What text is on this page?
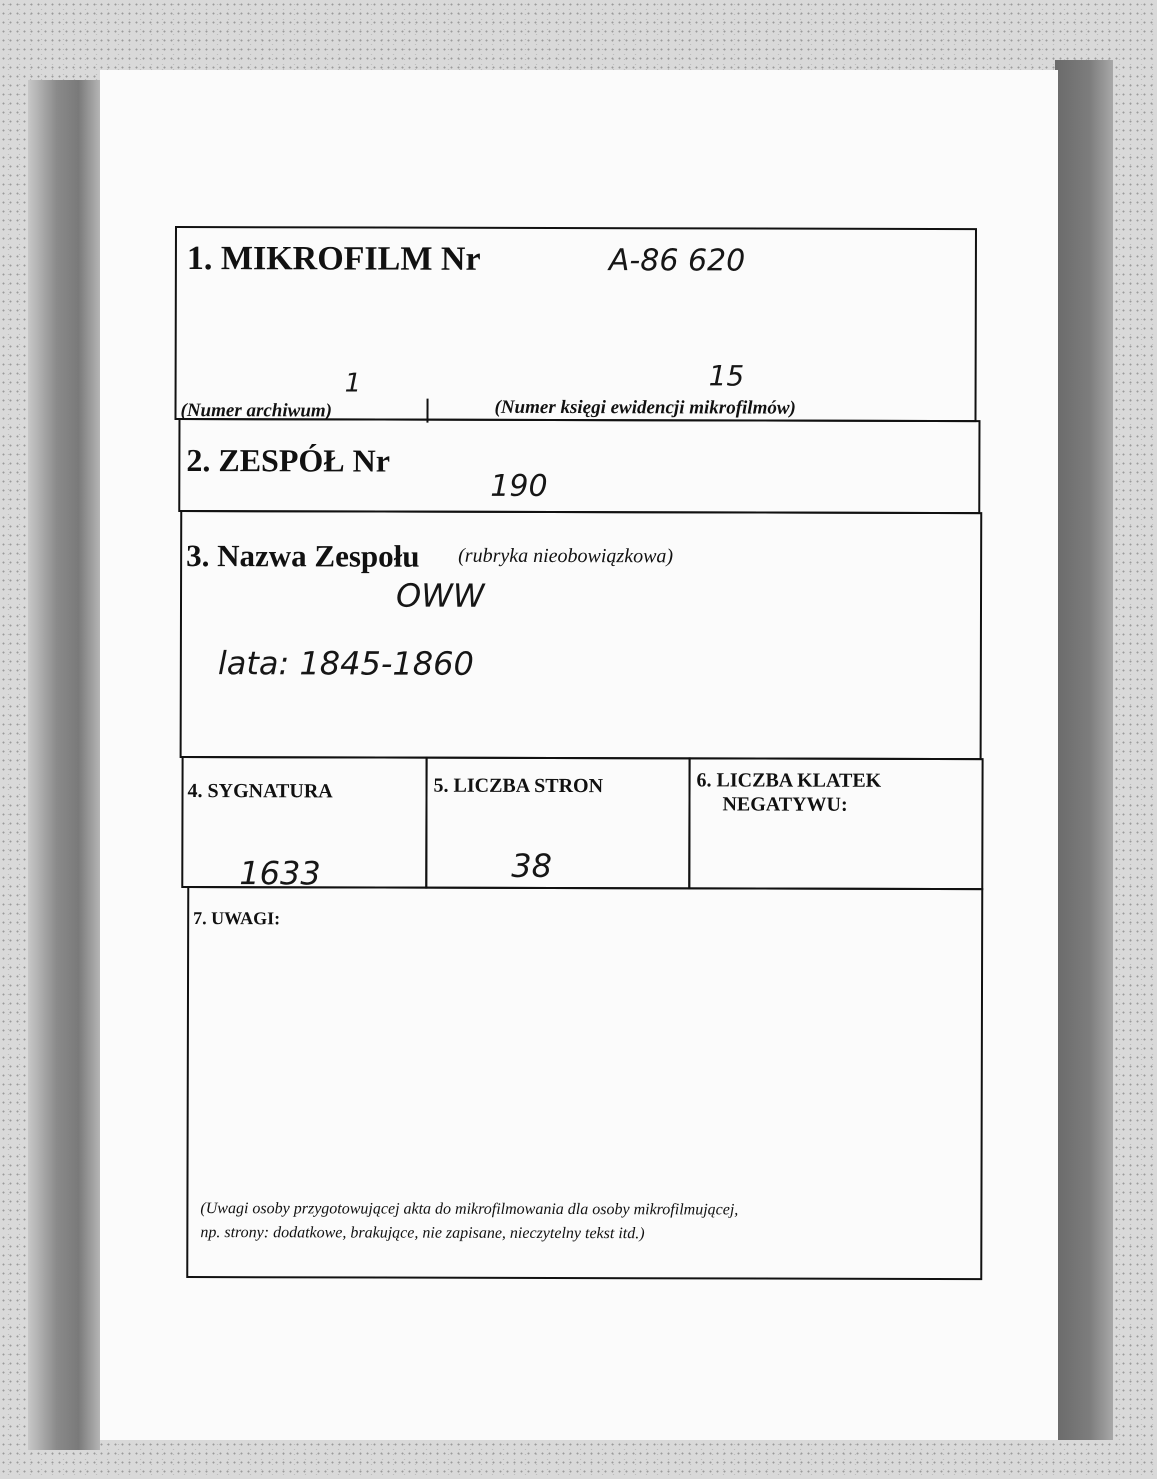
1. MIKROFILM Nr	A-86 620
1
(Numer archiwum)
15
(Numer księgi ewidencji mikrofilmów)
2. ZESPÓŁ Nr
190
3. Nazwa Zespołu (rubryka nieobowiązkowa)
OWW
lata: 1845-1860
4. SYGNATURA
1633
5. LICZBA STRON
38
6. LICZBA KLATEK
NEGATYWU:
7. UWAGI:
(Uwagi osoby przygotowującej akta do mikrofilmowania dla osoby mikrofilmującej,
np. strony: dodatkowe, brakujące, nie zapisane, nieczytelny tekst itd.)
